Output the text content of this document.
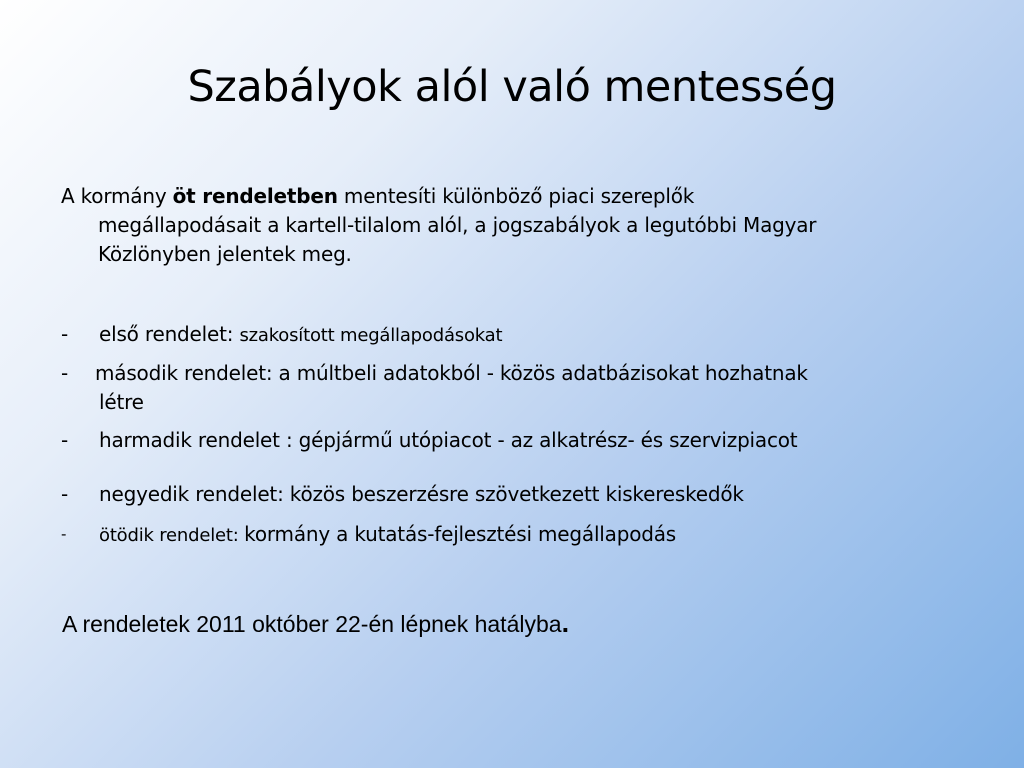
Szabályok alól való mentesség
A kormány öt rendeletben mentesíti különböző piaci szereplők
megállapodásait a kartell-tilalom alól, a jogszabályok a legutóbbi Magyar
Közlönyben jelentek meg.
- első rendelet: szakosított megállapodásokat
- második rendelet: a múltbeli adatokból - közös adatbázisokat hozhatnak
létre
- harmadik rendelet : gépjármű utópiacot - az alkatrész- és szervizpiacot
- negyedik rendelet: közös beszerzésre szövetkezett kiskereskedők
- ötödik rendelet: kormány a kutatás-fejlesztési megállapodás
A rendeletek 2011 október 22-én lépnek hatályba.
